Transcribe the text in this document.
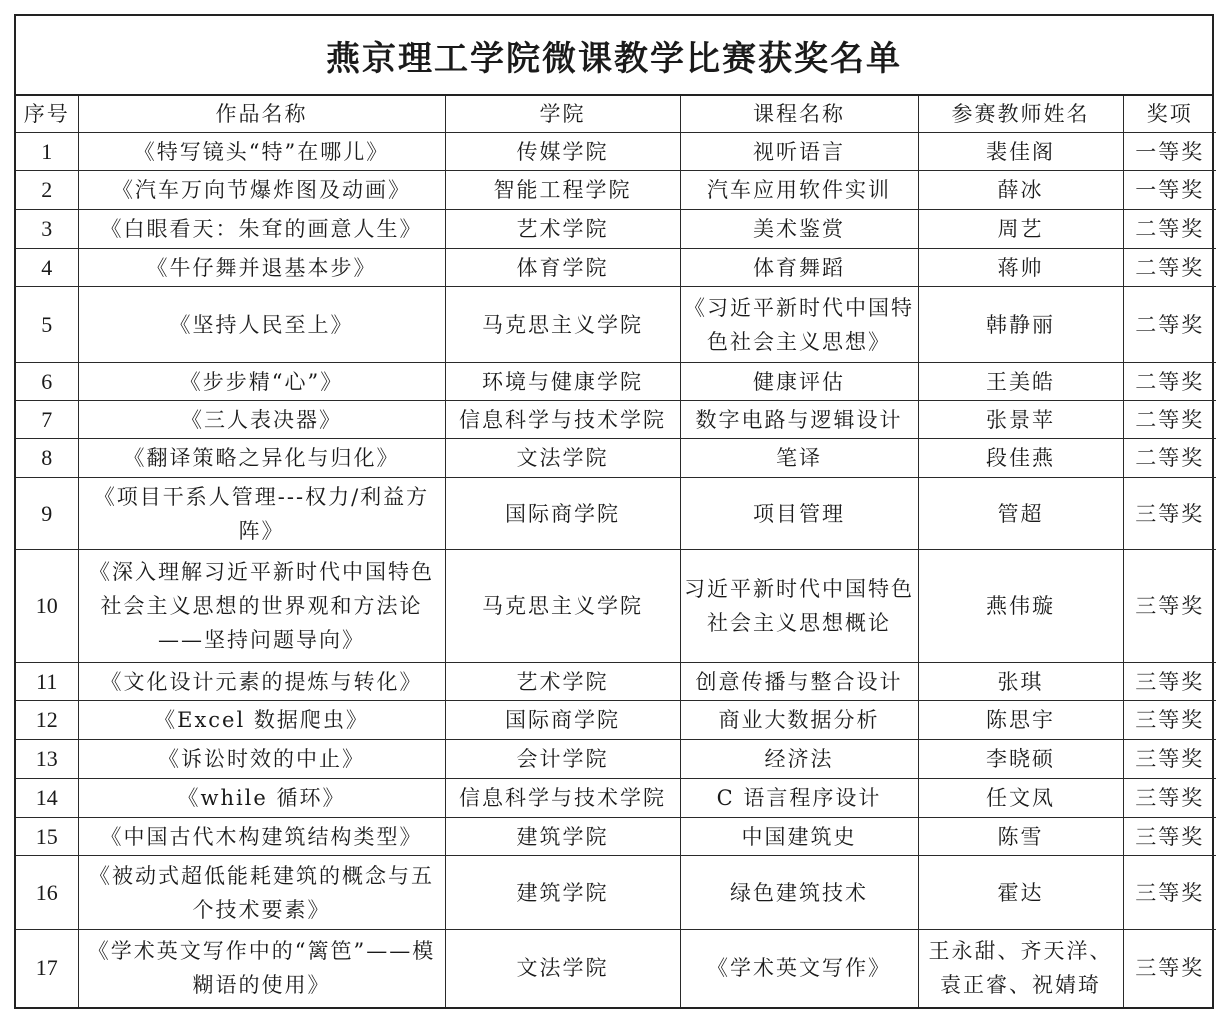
燕京理工学院微课教学比赛获奖名单
序号	作品名称	学院	课程名称	参赛教师姓名	奖项
1	《特写镜头“特”在哪儿》	传媒学院	视听语言	裴佳阁	一等奖
2	《汽车万向节爆炸图及动画》	智能工程学院	汽车应用软件实训	薛冰	一等奖
3	《白眼看天：朱耷的画意人生》	艺术学院	美术鉴赏	周艺	二等奖
4	《牛仔舞并退基本步》	体育学院	体育舞蹈	蒋帅	二等奖
5	《坚持人民至上》	马克思主义学院	《习近平新时代中国特色社会主义思想》	韩静丽	二等奖
6	《步步精“心”》	环境与健康学院	健康评估	王美皓	二等奖
7	《三人表决器》	信息科学与技术学院	数字电路与逻辑设计	张景苹	二等奖
8	《翻译策略之异化与归化》	文法学院	笔译	段佳燕	二等奖
9	《项目干系人管理---权力/利益方阵》	国际商学院	项目管理	管超	三等奖
10	《深入理解习近平新时代中国特色社会主义思想的世界观和方法论——坚持问题导向》	马克思主义学院	习近平新时代中国特色社会主义思想概论	燕伟璇	三等奖
11	《文化设计元素的提炼与转化》	艺术学院	创意传播与整合设计	张琪	三等奖
12	《Excel 数据爬虫》	国际商学院	商业大数据分析	陈思宇	三等奖
13	《诉讼时效的中止》	会计学院	经济法	李晓硕	三等奖
14	《while 循环》	信息科学与技术学院	C 语言程序设计	任文凤	三等奖
15	《中国古代木构建筑结构类型》	建筑学院	中国建筑史	陈雪	三等奖
16	《被动式超低能耗建筑的概念与五个技术要素》	建筑学院	绿色建筑技术	霍达	三等奖
17	《学术英文写作中的“篱笆”——模糊语的使用》	文法学院	《学术英文写作》	王永甜、齐天洋、袁正睿、祝婧琦	三等奖
